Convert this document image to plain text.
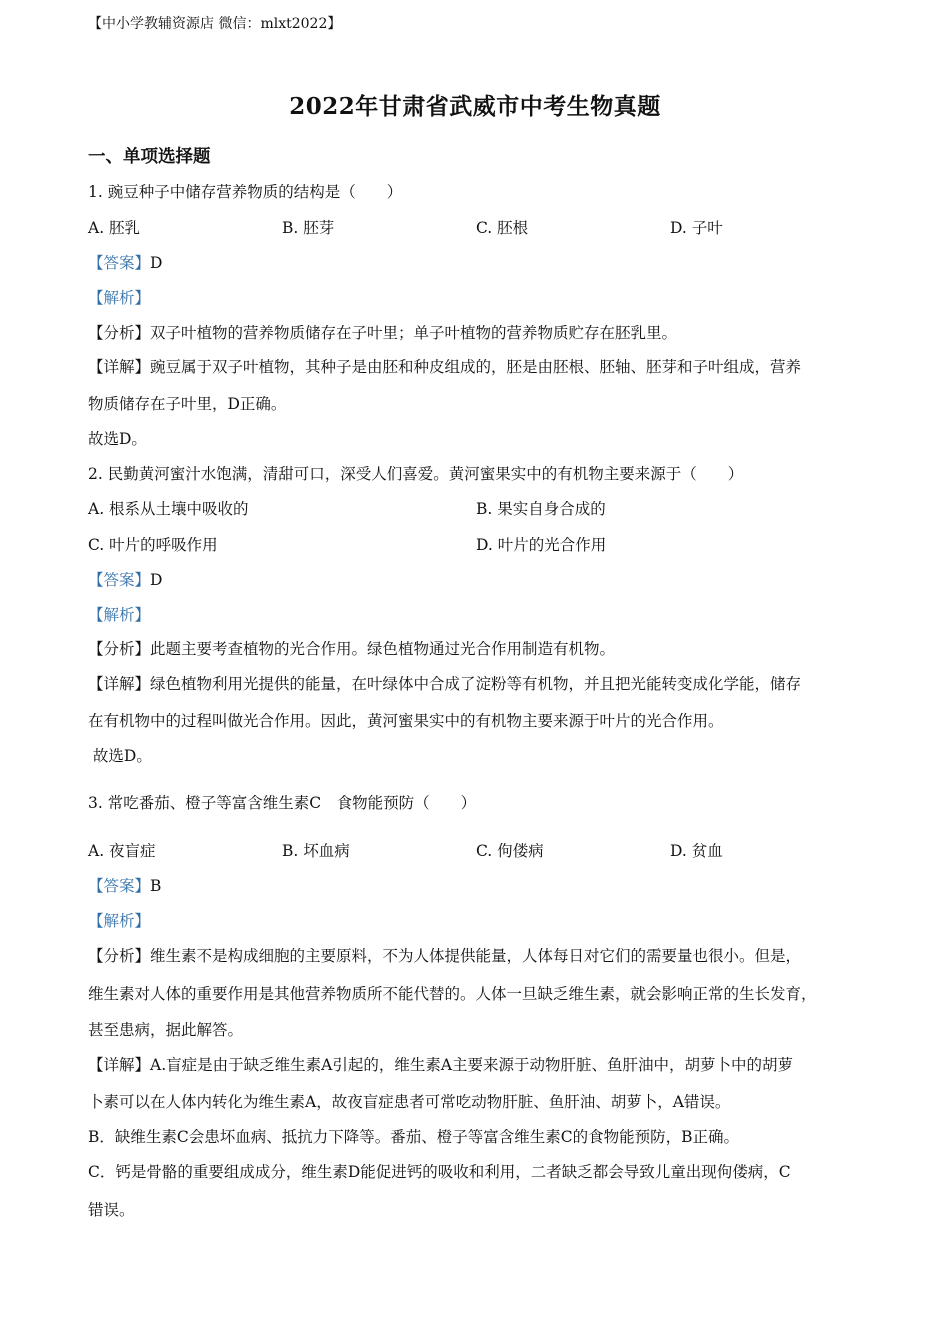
【中小学教辅资源店 微信：mlxt2022】
2022年甘肃省武威市中考生物真题
一、单项选择题
1. 豌豆种子中储存营养物质的结构是（　　）
A. 胚乳	B. 胚芽	C. 胚根	D. 子叶
【答案】D
【解析】
【分析】双子叶植物的营养物质储存在子叶里；单子叶植物的营养物质贮存在胚乳里。
【详解】豌豆属于双子叶植物，其种子是由胚和种皮组成的，胚是由胚根、胚轴、胚芽和子叶组成，营养
物质储存在子叶里，D正确。
故选D。
2. 民勤黄河蜜汁水饱满，清甜可口，深受人们喜爱。黄河蜜果实中的有机物主要来源于（　　）
A. 根系从土壤中吸收的	B. 果实自身合成的
C. 叶片的呼吸作用	D. 叶片的光合作用
【答案】D
【解析】
【分析】此题主要考查植物的光合作用。绿色植物通过光合作用制造有机物。
【详解】绿色植物利用光提供的能量，在叶绿体中合成了淀粉等有机物，并且把光能转变成化学能，储存
在有机物中的过程叫做光合作用。因此，黄河蜜果实中的有机物主要来源于叶片的光合作用。
故选D。
3. 常吃番茄、橙子等富含维生素C　食物能预防（　　）
A. 夜盲症	B. 坏血病	C. 佝偻病	D. 贫血
【答案】B
【解析】
【分析】维生素不是构成细胞的主要原料，不为人体提供能量，人体每日对它们的需要量也很小。但是，
维生素对人体的重要作用是其他营养物质所不能代替的。人体一旦缺乏维生素，就会影响正常的生长发育，
甚至患病，据此解答。
【详解】A.盲症是由于缺乏维生素A引起的，维生素A主要来源于动物肝脏、鱼肝油中，胡萝卜中的胡萝
卜素可以在人体内转化为维生素A，故夜盲症患者可常吃动物肝脏、鱼肝油、胡萝卜，A错误。
B．缺维生素C会患坏血病、抵抗力下降等。番茄、橙子等富含维生素C的食物能预防，B正确。
C．钙是骨骼的重要组成成分，维生素D能促进钙的吸收和利用，二者缺乏都会导致儿童出现佝偻病，C
错误。
